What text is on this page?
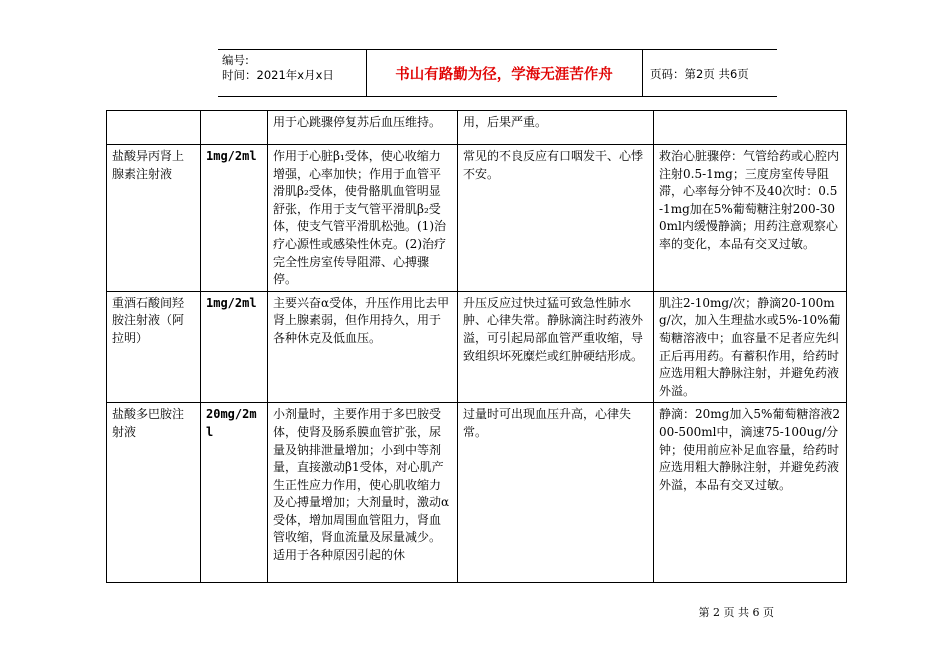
编号:
时间：2021年x月x日	书山有路勤为径，学海无涯苦作舟	页码：第2页 共6页
		用于心跳骤停复苏后血压维持。	用，后果严重。	
盐酸异丙肾上腺素注射液	1mg/2ml	作用于心脏β₁受体，使心收缩力增强，心率加快；作用于血管平滑肌β₂受体，使骨骼肌血管明显舒张，作用于支气管平滑肌β₂受体，使支气管平滑肌松弛。(1)治疗心源性或感染性休克。(2)治疗完全性房室传导阻滞、心搏骤停。	常见的不良反应有口咽发干、心悸不安。	救治心脏骤停：气管给药或心腔内注射0.5-1mg；三度房室传导阻滞，心率每分钟不及40次时：0.5-1mg加在5%葡萄糖注射200-300ml内缓慢静滴；用药注意观察心率的变化，本品有交叉过敏。
重酒石酸间羟胺注射液（阿拉明）	1mg/2ml	主要兴奋α受体，升压作用比去甲肾上腺素弱，但作用持久，用于各种休克及低血压。	升压反应过快过猛可致急性肺水肿、心律失常。静脉滴注时药液外溢，可引起局部血管严重收缩，导致组织坏死糜烂或红肿硬结形成。	肌注2-10mg/次；静滴20-100mg/次，加入生理盐水或5%-10%葡萄糖溶液中；血容量不足者应先纠正后再用药。有蓄积作用，给药时应选用粗大静脉注射，并避免药液外溢。
盐酸多巴胺注射液	20mg/2ml	小剂量时，主要作用于多巴胺受体，使肾及肠系膜血管扩张，尿量及钠排泄量增加；小到中等剂量，直接激动β1受体，对心肌产生正性应力作用，使心肌收缩力及心搏量增加；大剂量时，激动α受体，增加周围血管阻力，肾血管收缩，肾血流量及尿量减少。适用于各种原因引起的休	过量时可出现血压升高，心律失常。	静滴：20mg加入5%葡萄糖溶液200-500ml中，滴速75-100ug/分钟；使用前应补足血容量，给药时应选用粗大静脉注射，并避免药液外溢，本品有交叉过敏。
第 2 页 共 6 页
